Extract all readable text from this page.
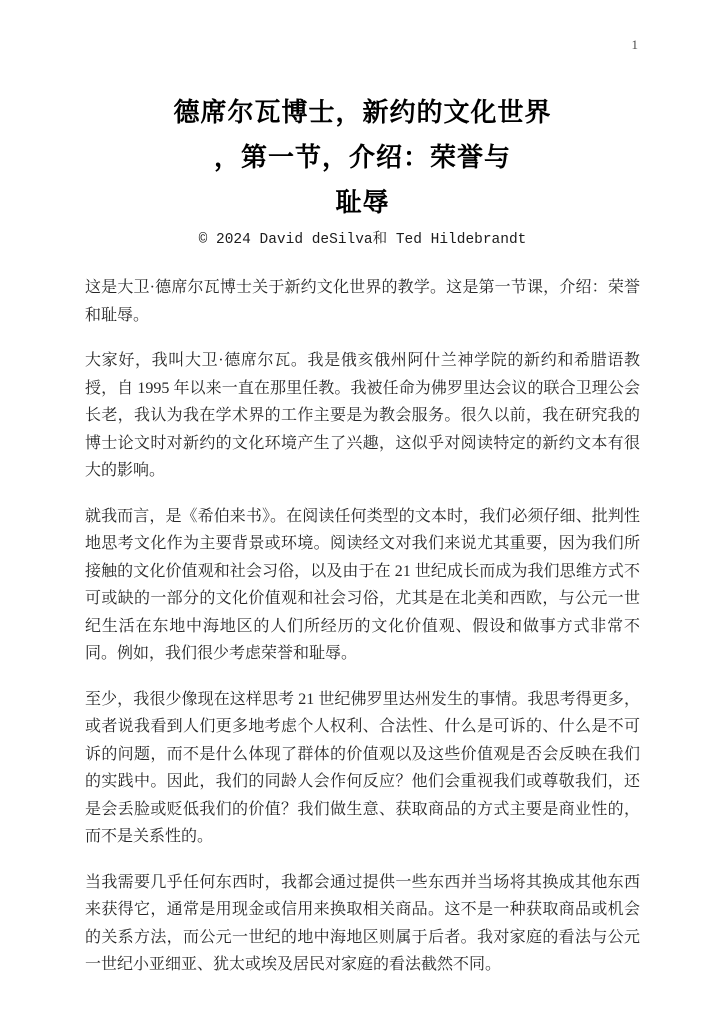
1
德席尔瓦博士，新约的文化世界
，第一节，介绍：荣誉与
耻辱
© 2024 David deSilva和 Ted Hildebrandt

这是大卫·德席尔瓦博士关于新约文化世界的教学。这是第一节课，介绍：荣誉和耻辱。

大家好，我叫大卫·德席尔瓦。我是俄亥俄州阿什兰神学院的新约和希腊语教授，自 1995 年以来一直在那里任教。我被任命为佛罗里达会议的联合卫理公会长老，我认为我在学术界的工作主要是为教会服务。很久以前，我在研究我的博士论文时对新约的文化环境产生了兴趣，这似乎对阅读特定的新约文本有很大的影响。

就我而言，是《希伯来书》。在阅读任何类型的文本时，我们必须仔细、批判性地思考文化作为主要背景或环境。阅读经文对我们来说尤其重要，因为我们所接触的文化价值观和社会习俗，以及由于在 21 世纪成长而成为我们思维方式不可或缺的一部分的文化价值观和社会习俗，尤其是在北美和西欧，与公元一世纪生活在东地中海地区的人们所经历的文化价值观、假设和做事方式非常不同。例如，我们很少考虑荣誉和耻辱。

至少，我很少像现在这样思考 21 世纪佛罗里达州发生的事情。我思考得更多，或者说我看到人们更多地考虑个人权利、合法性、什么是可诉的、什么是不可诉的问题，而不是什么体现了群体的价值观以及这些价值观是否会反映在我们的实践中。因此，我们的同龄人会作何反应？他们会重视我们或尊敬我们，还是会丢脸或贬低我们的价值？我们做生意、获取商品的方式主要是商业性的，而不是关系性的。

当我需要几乎任何东西时，我都会通过提供一些东西并当场将其换成其他东西来获得它，通常是用现金或信用来换取相关商品。这不是一种获取商品或机会的关系方法，而公元一世纪的地中海地区则属于后者。我对家庭的看法与公元一世纪小亚细亚、犹太或埃及居民对家庭的看法截然不同。
